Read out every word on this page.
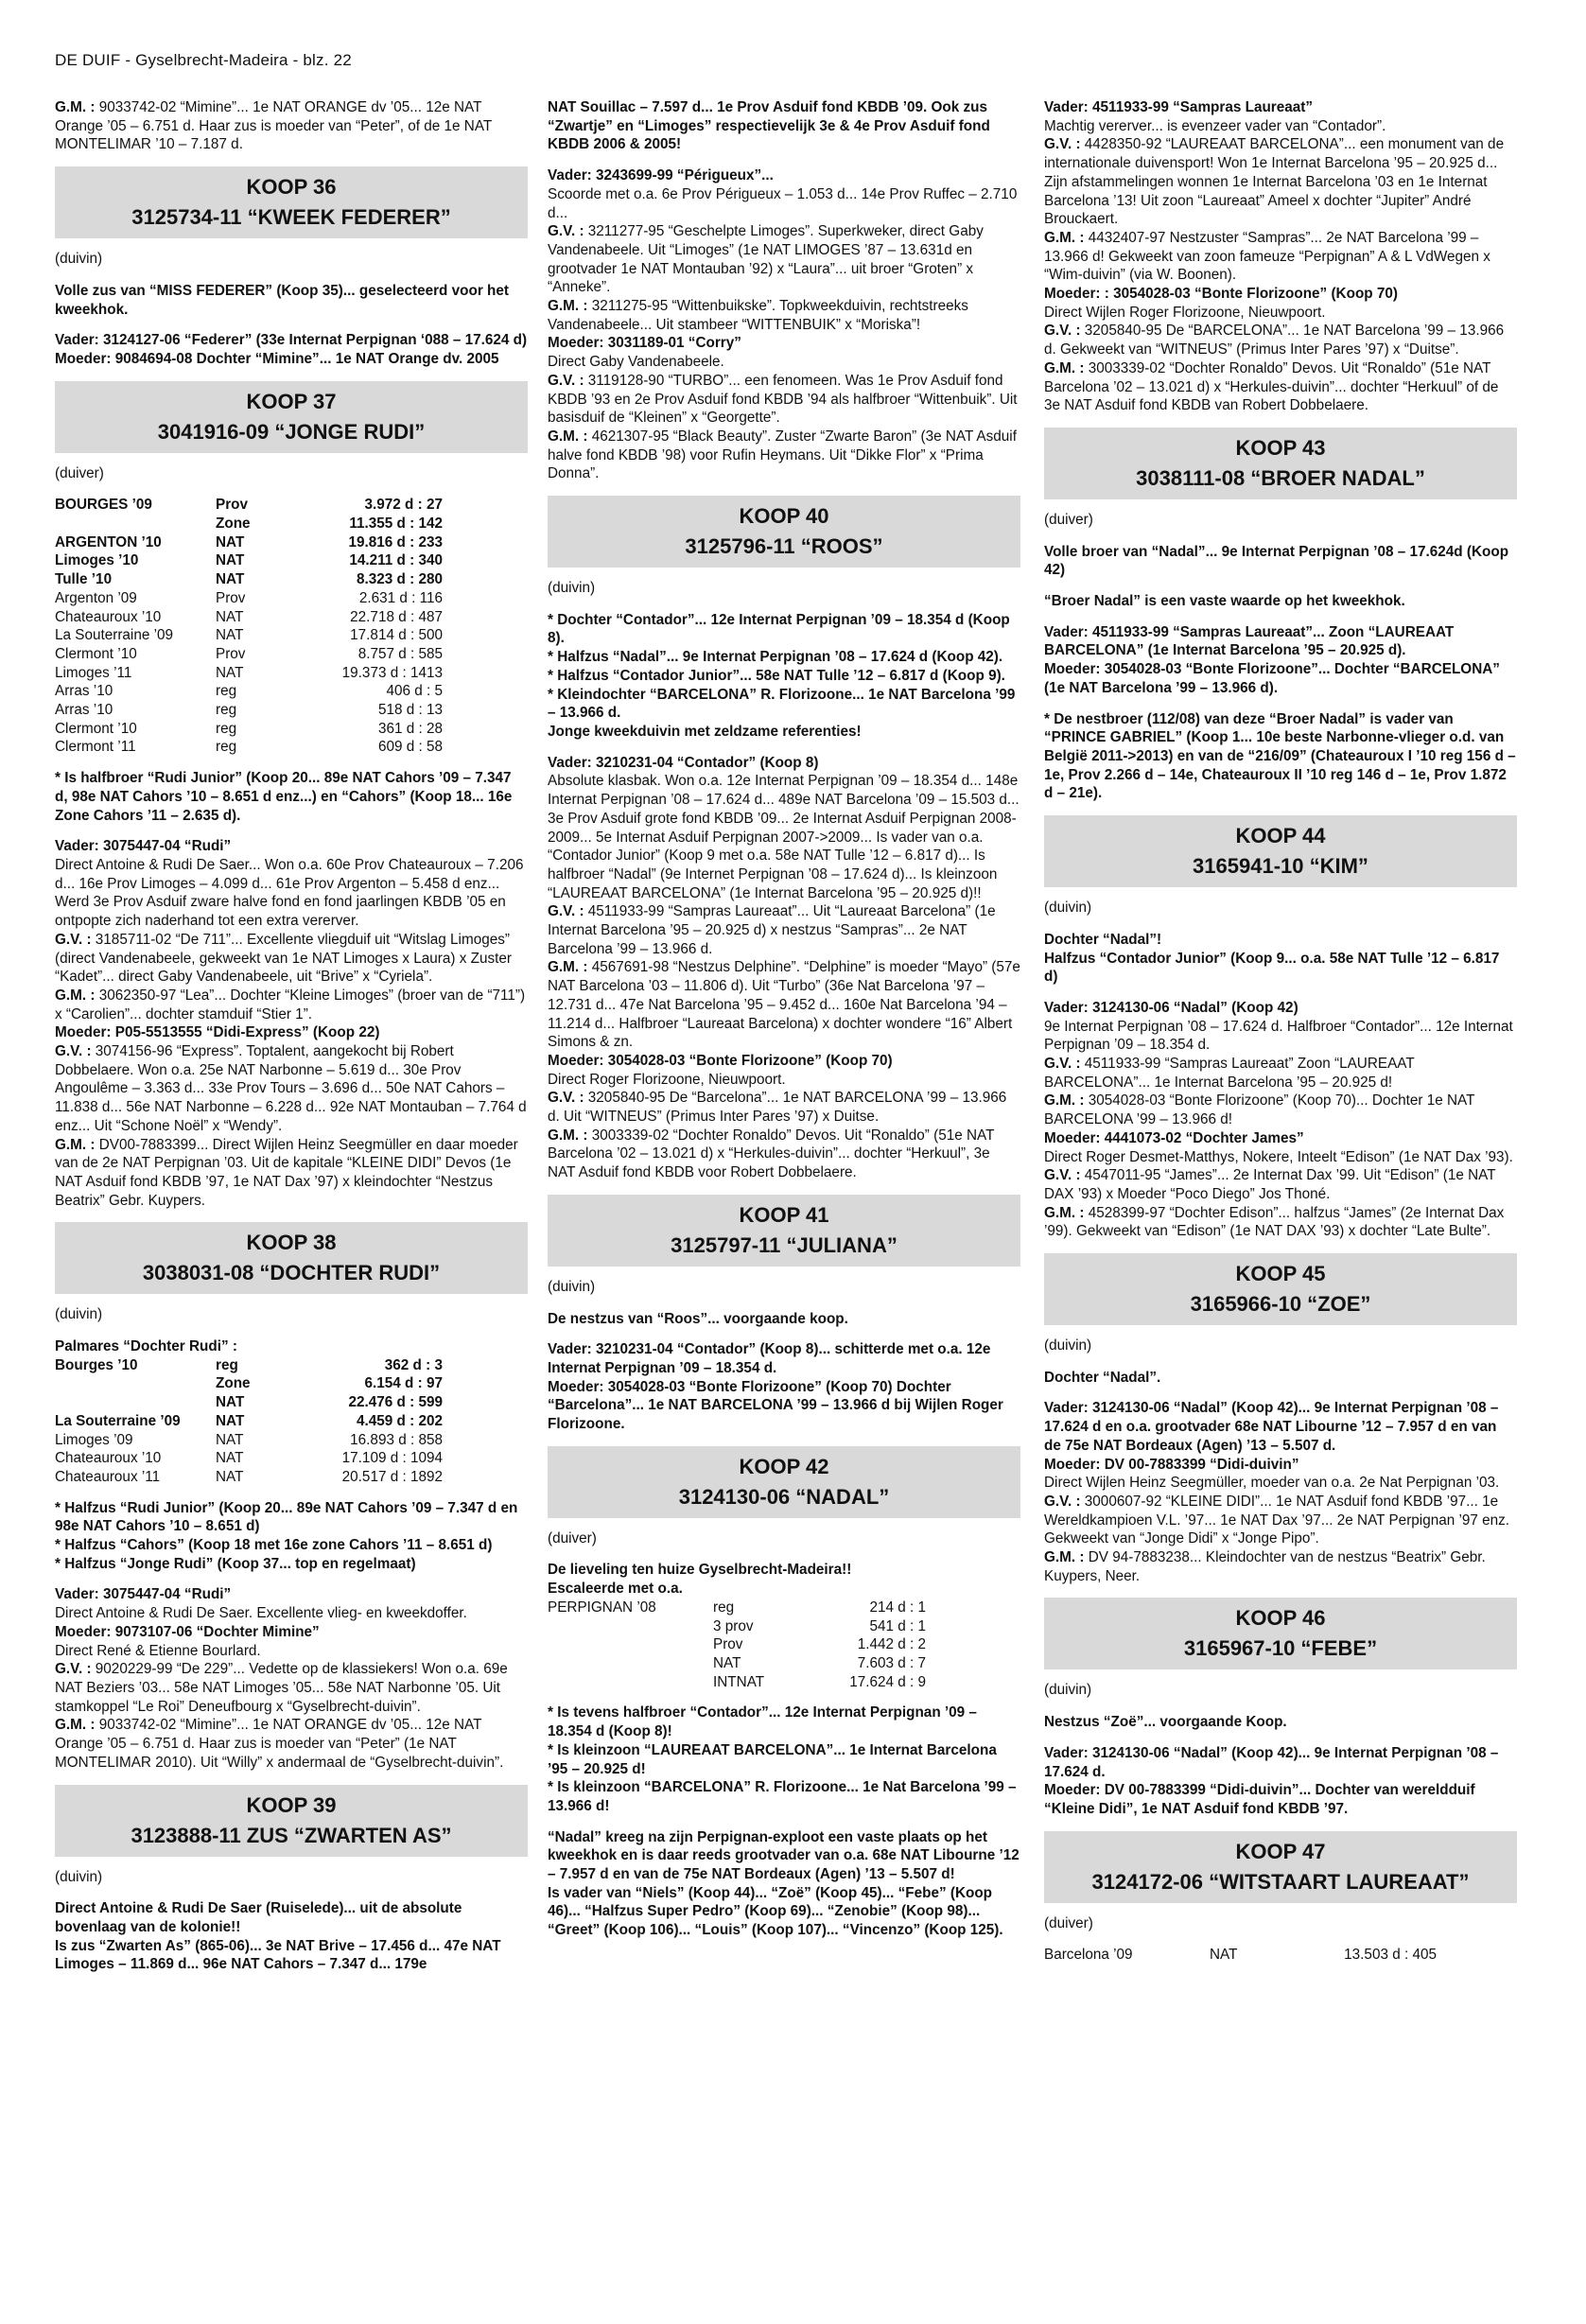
DE DUIF - Gyselbrecht-Madeira - blz. 22

G.M. : 9033742-02 “Mimine”... 1e NAT ORANGE dv ’05... 12e NAT Orange ’05 – 6.751 d. Haar zus is moeder van “Peter”, of de 1e NAT MONTELIMAR ’10 – 7.187 d.

KOOP 36
3125734-11 “KWEEK FEDERER”
(duivin)

Volle zus van “MISS FEDERER” (Koop 35)... geselecteerd voor het kweekhok.

Vader: 3124127-06 “Federer” (33e Internat Perpignan ‘088 – 17.624 d)

Moeder: 9084694-08 Dochter “Mimine”... 1e NAT Orange dv. 2005

KOOP 37
3041916-09 “JONGE RUDI”
(duiver)
BOURGES ’09	Prov	3.972 d : 27
	Zone	11.355 d : 142
ARGENTON ’10	NAT	19.816 d : 233
Limoges ’10	NAT	14.211 d : 340
Tulle ’10	NAT	8.323 d : 280
Argenton ’09	Prov	2.631 d : 116
Chateauroux ’10	NAT	22.718 d : 487
La Souterraine ’09	NAT	17.814 d : 500
Clermont ’10	Prov	8.757 d : 585
Limoges ’11	NAT	19.373 d : 1413
Arras ’10	reg	406 d : 5
Arras ’10	reg	518 d : 13
Clermont ’10	reg	361 d : 28
Clermont ’11	reg	609 d : 58

* Is halfbroer “Rudi Junior” (Koop 20... 89e NAT Cahors ’09 – 7.347 d, 98e NAT Cahors ’10 – 8.651 d enz...) en “Cahors” (Koop 18... 16e Zone Cahors ’11 – 2.635 d).

Vader: 3075447-04 “Rudi”
Direct Antoine & Rudi De Saer... Won o.a. 60e Prov Chateauroux – 7.206 d... 16e Prov Limoges – 4.099 d... 61e Prov Argenton – 5.458 d enz... Werd 3e Prov Asduif zware halve fond en fond jaarlingen KBDB ’05 en ontpopte zich naderhand tot een extra vererver.
G.V. : 3185711-02 “De 711”... Excellente vliegduif uit “Witslag Limoges” (direct Vandenabeele, gekweekt van 1e NAT Limoges x Laura) x Zuster “Kadet”... direct Gaby Vandenabeele, uit “Brive” x “Cyriela”.
G.M. : 3062350-97 “Lea”... Dochter “Kleine Limoges” (broer van de “711”) x “Carolien”... dochter stamduif “Stier 1”.
Moeder: P05-5513555 “Didi-Express” (Koop 22)
G.V. : 3074156-96 “Express”. Toptalent, aangekocht bij Robert Dobbelaere. Won o.a. 25e NAT Narbonne – 5.619 d... 30e Prov Angoulême – 3.363 d... 33e Prov Tours – 3.696 d... 50e NAT Cahors – 11.838 d... 56e NAT Narbonne – 6.228 d... 92e NAT Montauban – 7.764 d enz... Uit “Schone Noël” x “Wendy”.
G.M. : DV00-7883399... Direct Wijlen Heinz Seegmüller en daar moeder van de 2e NAT Perpignan ’03. Uit de kapitale “KLEINE DIDI” Devos (1e NAT Asduif fond KBDB ’97, 1e NAT Dax ’97) x kleindochter “Nestzus Beatrix” Gebr. Kuypers.

KOOP 38
3038031-08 “DOCHTER RUDI”
(duivin)

Palmares “Dochter Rudi” :

Bourges ’10	reg	362 d : 3
	Zone	6.154 d : 97
	NAT	22.476 d : 599
La Souterraine ’09	NAT	4.459 d : 202
Limoges ’09	NAT	16.893 d : 858
Chateauroux ’10	NAT	17.109 d : 1094
Chateauroux ’11	NAT	20.517 d : 1892

* Halfzus “Rudi Junior” (Koop 20... 89e NAT Cahors ’09 – 7.347 d en 98e NAT Cahors ’10 – 8.651 d)
* Halfzus “Cahors” (Koop 18 met 16e zone Cahors ’11 – 8.651 d)
* Halfzus “Jonge Rudi” (Koop 37... top en regelmaat)

Vader: 3075447-04 “Rudi”
Direct Antoine & Rudi De Saer. Excellente vlieg- en kweekdoffer.
Moeder: 9073107-06 “Dochter Mimine”
Direct René & Etienne Bourlard.
G.V. : 9020229-99 “De 229”... Vedette op de klassiekers! Won o.a. 69e NAT Beziers ’03... 58e NAT Limoges ’05... 58e NAT Narbonne ’05. Uit stamkoppel “Le Roi” Deneufbourg x “Gyselbrecht-duivin”.
G.M. : 9033742-02 “Mimine”... 1e NAT ORANGE dv ’05... 12e NAT Orange ’05 – 6.751 d. Haar zus is moeder van “Peter” (1e NAT MONTELIMAR 2010). Uit “Willy” x andermaal de “Gyselbrecht-duivin”.

KOOP 39
3123888-11 ZUS “ZWARTEN AS”
(duivin)

Direct Antoine & Rudi De Saer (Ruiselede)... uit de absolute bovenlaag van de kolonie!!

Is zus “Zwarten As” (865-06)... 3e NAT Brive – 17.456 d... 47e NAT Limoges – 11.869 d... 96e NAT Cahors – 7.347 d... 179e

NAT Souillac – 7.597 d... 1e Prov Asduif fond KBDB ’09. Ook zus “Zwartje” en “Limoges” respectievelijk 3e & 4e Prov Asduif fond KBDB 2006 & 2005!

Vader: 3243699-99 “Périgueux”...
Scoorde met o.a. 6e Prov Périgueux – 1.053 d... 14e Prov Ruffec – 2.710 d...
G.V. : 3211277-95 “Geschelpte Limoges”. Superkweker, direct Gaby Vandenabeele. Uit “Limoges” (1e NAT LIMOGES ’87 – 13.631d en grootvader 1e NAT Montauban ’92) x “Laura”... uit broer “Groten” x “Anneke”.
G.M. : 3211275-95 “Wittenbuikske”. Topkweekduivin, rechtstreeks Vandenabeele... Uit stambeer “WITTENBUIK” x “Moriska”!
Moeder: 3031189-01 “Corry”
Direct Gaby Vandenabeele.
G.V. : 3119128-90 “TURBO”... een fenomeen. Was 1e Prov Asduif fond KBDB ’93 en 2e Prov Asduif fond KBDB ’94 als halfbroer “Wittenbuik”. Uit basisduif de “Kleinen” x “Georgette”.
G.M. : 4621307-95 “Black Beauty”. Zuster “Zwarte Baron” (3e NAT Asduif halve fond KBDB ’98) voor Rufin Heymans. Uit “Dikke Flor” x “Prima Donna”.

KOOP 40
3125796-11 “ROOS”
(duivin)

* Dochter “Contador”... 12e Internat Perpignan ’09 – 18.354 d (Koop 8).
* Halfzus “Nadal”... 9e Internat Perpignan ’08 – 17.624 d (Koop 42).
* Halfzus “Contador Junior”... 58e NAT Tulle ’12 – 6.817 d (Koop 9).
* Kleindochter “BARCELONA” R. Florizoone... 1e NAT Barcelona ’99 – 13.966 d.
Jonge kweekduivin met zeldzame referenties!

Vader: 3210231-04 “Contador” (Koop 8)
Absolute klasbak. Won o.a. 12e Internat Perpignan ’09 – 18.354 d... 148e Internat Perpignan ’08 – 17.624 d... 489e NAT Barcelona ’09 – 15.503 d... 3e Prov Asduif grote fond KBDB ’09... 2e Internat Asduif Perpignan 2008-2009... 5e Internat Asduif Perpignan 2007->2009... Is vader van o.a. “Contador Junior” (Koop 9 met o.a. 58e NAT Tulle ’12 – 6.817 d)... Is halfbroer “Nadal” (9e Internet Perpignan ’08 – 17.624 d)... Is kleinzoon “LAUREAAT BARCELONA” (1e Internat Barcelona ’95 – 20.925 d)!!
G.V. : 4511933-99 “Sampras Laureaat”... Uit “Laureaat Barcelona” (1e Internat Barcelona ’95 – 20.925 d) x nestzus “Sampras”... 2e NAT Barcelona ’99 – 13.966 d.
G.M. : 4567691-98 “Nestzus Delphine”. “Delphine” is moeder “Mayo” (57e NAT Barcelona ’03 – 11.806 d). Uit “Turbo” (36e Nat Barcelona ’97 – 12.731 d... 47e Nat Barcelona ’95 – 9.452 d... 160e Nat Barcelona ’94 – 11.214 d... Halfbroer “Laureaat Barcelona) x dochter wondere “16” Albert Simons & zn.
Moeder: 3054028-03 “Bonte Florizoone” (Koop 70)
Direct Roger Florizoone, Nieuwpoort.
G.V. : 3205840-95 De “Barcelona”... 1e NAT BARCELONA ’99 – 13.966 d. Uit “WITNEUS” (Primus Inter Pares ’97) x Duitse.
G.M. : 3003339-02 “Dochter Ronaldo” Devos. Uit “Ronaldo” (51e NAT Barcelona ’02 – 13.021 d) x “Herkules-duivin”... dochter “Herkuul”, 3e NAT Asduif fond KBDB voor Robert Dobbelaere.

KOOP 41
3125797-11 “JULIANA”
(duivin)

De nestzus van “Roos”... voorgaande koop.

Vader: 3210231-04 “Contador” (Koop 8)... schitterde met o.a. 12e Internat Perpignan ’09 – 18.354 d.
Moeder: 3054028-03 “Bonte Florizoone” (Koop 70) Dochter “Barcelona”... 1e NAT BARCELONA ’99 – 13.966 d bij Wijlen Roger Florizoone.

KOOP 42
3124130-06 “NADAL”
(duiver)

De lieveling ten huize Gyselbrecht-Madeira!!
Escaleerde met o.a.

PERPIGNAN ’08	reg	214 d : 1
	3 prov	541 d : 1
	Prov	1.442 d : 2
	NAT	7.603 d : 7
	INTNAT	17.624 d : 9

* Is tevens halfbroer “Contador”... 12e Internat Perpignan ’09 – 18.354 d (Koop 8)!
* Is kleinzoon “LAUREAAT BARCELONA”... 1e Internat Barcelona ’95 – 20.925 d!
* Is kleinzoon “BARCELONA” R. Florizoone... 1e Nat Barcelona ’99 – 13.966 d!

“Nadal” kreeg na zijn Perpignan-exploot een vaste plaats op het kweekhok en is daar reeds grootvader van o.a. 68e NAT Libourne ’12 – 7.957 d en van de 75e NAT Bordeaux (Agen) ’13 – 5.507 d!

Is vader van “Niels” (Koop 44)... “Zoë” (Koop 45)... “Febe” (Koop 46)... “Halfzus Super Pedro” (Koop 69)... “Zenobie” (Koop 98)... “Greet” (Koop 106)... “Louis” (Koop 107)... “Vincenzo” (Koop 125).

Vader: 4511933-99 “Sampras Laureaat”
Machtig vererver... is evenzeer vader van “Contador”.
G.V. : 4428350-92 “LAUREAAT BARCELONA”... een monument van de internationale duivensport! Won 1e Internat Barcelona ’95 – 20.925 d... Zijn afstammelingen wonnen 1e Internat Barcelona ’03 en 1e Internat Barcelona ’13! Uit zoon “Laureaat” Ameel x dochter “Jupiter” André Brouckaert.
G.M. : 4432407-97 Nestzuster “Sampras”... 2e NAT Barcelona ’99 – 13.966 d! Gekweekt van zoon fameuze “Perpignan” A & L VdWegen x “Wim-duivin” (via W. Boonen).
Moeder: : 3054028-03 “Bonte Florizoone” (Koop 70)
Direct Wijlen Roger Florizoone, Nieuwpoort.
G.V. : 3205840-95 De “BARCELONA”... 1e NAT Barcelona ’99 – 13.966 d. Gekweekt van “WITNEUS” (Primus Inter Pares ’97) x “Duitse”.
G.M. : 3003339-02 “Dochter Ronaldo” Devos. Uit “Ronaldo” (51e NAT Barcelona ’02 – 13.021 d) x “Herkules-duivin”... dochter “Herkuul” of de 3e NAT Asduif fond KBDB van Robert Dobbelaere.

KOOP 43
3038111-08 “BROER NADAL”
(duiver)

Volle broer van “Nadal”... 9e Internat Perpignan ’08 – 17.624d (Koop 42)

“Broer Nadal” is een vaste waarde op het kweekhok.

Vader: 4511933-99 “Sampras Laureaat”... Zoon “LAUREAAT BARCELONA” (1e Internat Barcelona ’95 – 20.925 d).
Moeder: 3054028-03 “Bonte Florizoone”... Dochter “BARCELONA” (1e NAT Barcelona ’99 – 13.966 d).

* De nestbroer (112/08) van deze “Broer Nadal” is vader van “PRINCE GABRIEL” (Koop 1... 10e beste Narbonne-vlieger o.d. van België 2011->2013) en van de “216/09” (Chateauroux I ’10 reg 156 d – 1e, Prov 2.266 d – 14e, Chateauroux II ’10 reg 146 d – 1e, Prov 1.872 d – 21e).

KOOP 44
3165941-10 “KIM”
(duivin)

Dochter “Nadal”!
Halfzus “Contador Junior” (Koop 9... o.a. 58e NAT Tulle ’12 – 6.817 d)

Vader: 3124130-06 “Nadal” (Koop 42)
9e Internat Perpignan ’08 – 17.624 d. Halfbroer “Contador”... 12e Internat Perpignan ’09 – 18.354 d.
G.V. : 4511933-99 “Sampras Laureaat” Zoon “LAUREAAT BARCELONA”... 1e Internat Barcelona ’95 – 20.925 d!
G.M. : 3054028-03 “Bonte Florizoone” (Koop 70)... Dochter 1e NAT BARCELONA ’99 – 13.966 d!
Moeder: 4441073-02 “Dochter James”
Direct Roger Desmet-Matthys, Nokere, Inteelt “Edison” (1e NAT Dax ’93).
G.V. : 4547011-95 “James”... 2e Internat Dax ’99. Uit “Edison” (1e NAT DAX ’93) x Moeder “Poco Diego” Jos Thoné.
G.M. : 4528399-97 “Dochter Edison”... halfzus “James” (2e Internat Dax ’99). Gekweekt van “Edison” (1e NAT DAX ’93) x dochter “Late Bulte”.

KOOP 45
3165966-10 “ZOE”
(duivin)

Dochter “Nadal”.

Vader: 3124130-06 “Nadal” (Koop 42)... 9e Internat Perpignan ’08 – 17.624 d en o.a. grootvader 68e NAT Libourne ’12 – 7.957 d en van de 75e NAT Bordeaux (Agen) ’13 – 5.507 d.

Moeder: DV 00-7883399 “Didi-duivin”
Direct Wijlen Heinz Seegmüller, moeder van o.a. 2e Nat Perpignan ’03.
G.V. : 3000607-92 “KLEINE DIDI”... 1e NAT Asduif fond KBDB ’97... 1e Wereldkampioen V.L. ’97... 1e NAT Dax ’97... 2e NAT Perpignan ’97 enz. Gekweekt van “Jonge Didi” x “Jonge Pipo”.
G.M. : DV 94-7883238... Kleindochter van de nestzus “Beatrix” Gebr. Kuypers, Neer.

KOOP 46
3165967-10 “FEBE”
(duivin)

Nestzus “Zoë”... voorgaande Koop.

Vader: 3124130-06 “Nadal” (Koop 42)... 9e Internat Perpignan ’08 – 17.624 d.
Moeder: DV 00-7883399 “Didi-duivin”... Dochter van wereldduif “Kleine Didi”, 1e NAT Asduif fond KBDB ’97.

KOOP 47
3124172-06 “WITSTAART LAUREAAT”
(duiver)
Barcelona ’09	NAT	13.503 d : 405
